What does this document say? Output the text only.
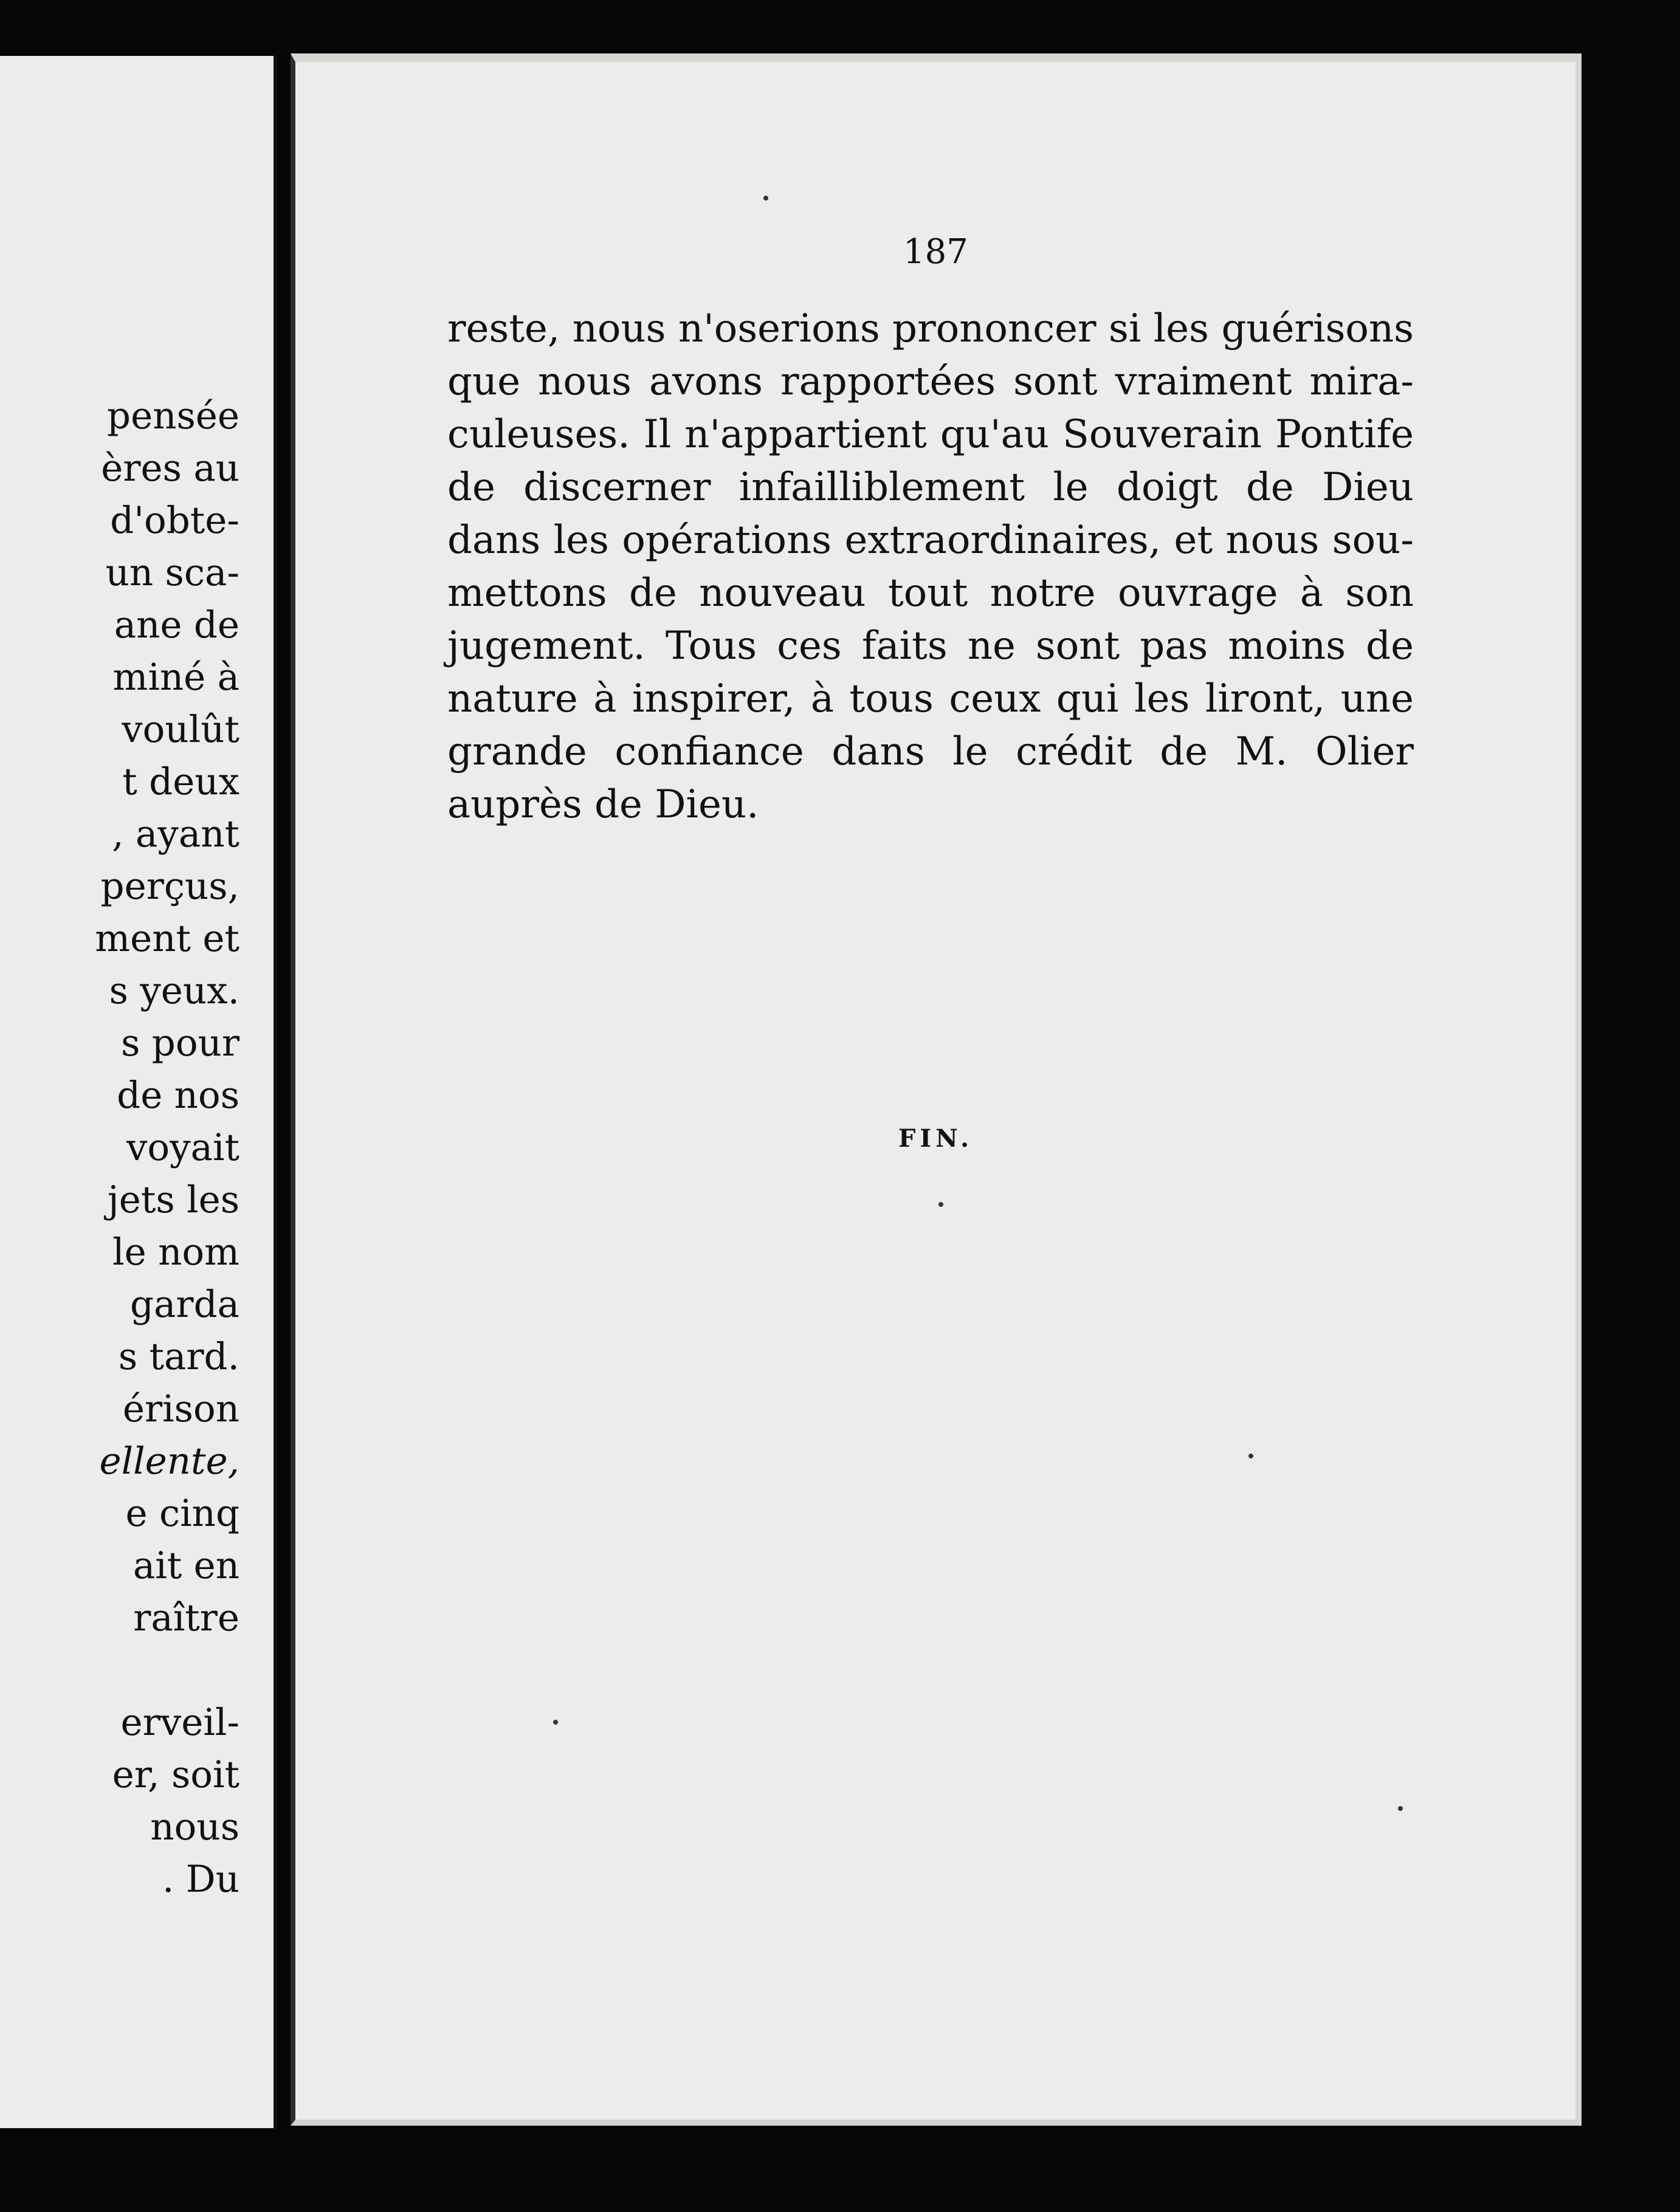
pensée
ères au
d'obte-
un sca-
ane de
miné à
voulût
t deux
, ayant
perçus,
ment et
s yeux.
s pour
de nos
voyait
jets les
le nom
garda
s tard.
érison
ellente,
e cinq
ait en
raître
erveil-
er, soit
nous
. Du
187
reste, nous n'oserions prononcer si les guérisons
que nous avons rapportées sont vraiment mira-
culeuses. Il n'appartient qu'au Souverain Pontife
de discerner infailliblement le doigt de Dieu
dans les opérations extraordinaires, et nous sou-
mettons de nouveau tout notre ouvrage à son
jugement. Tous ces faits ne sont pas moins de
nature à inspirer, à tous ceux qui les liront, une
grande confiance dans le crédit de M. Olier
auprès de Dieu.
FIN.
